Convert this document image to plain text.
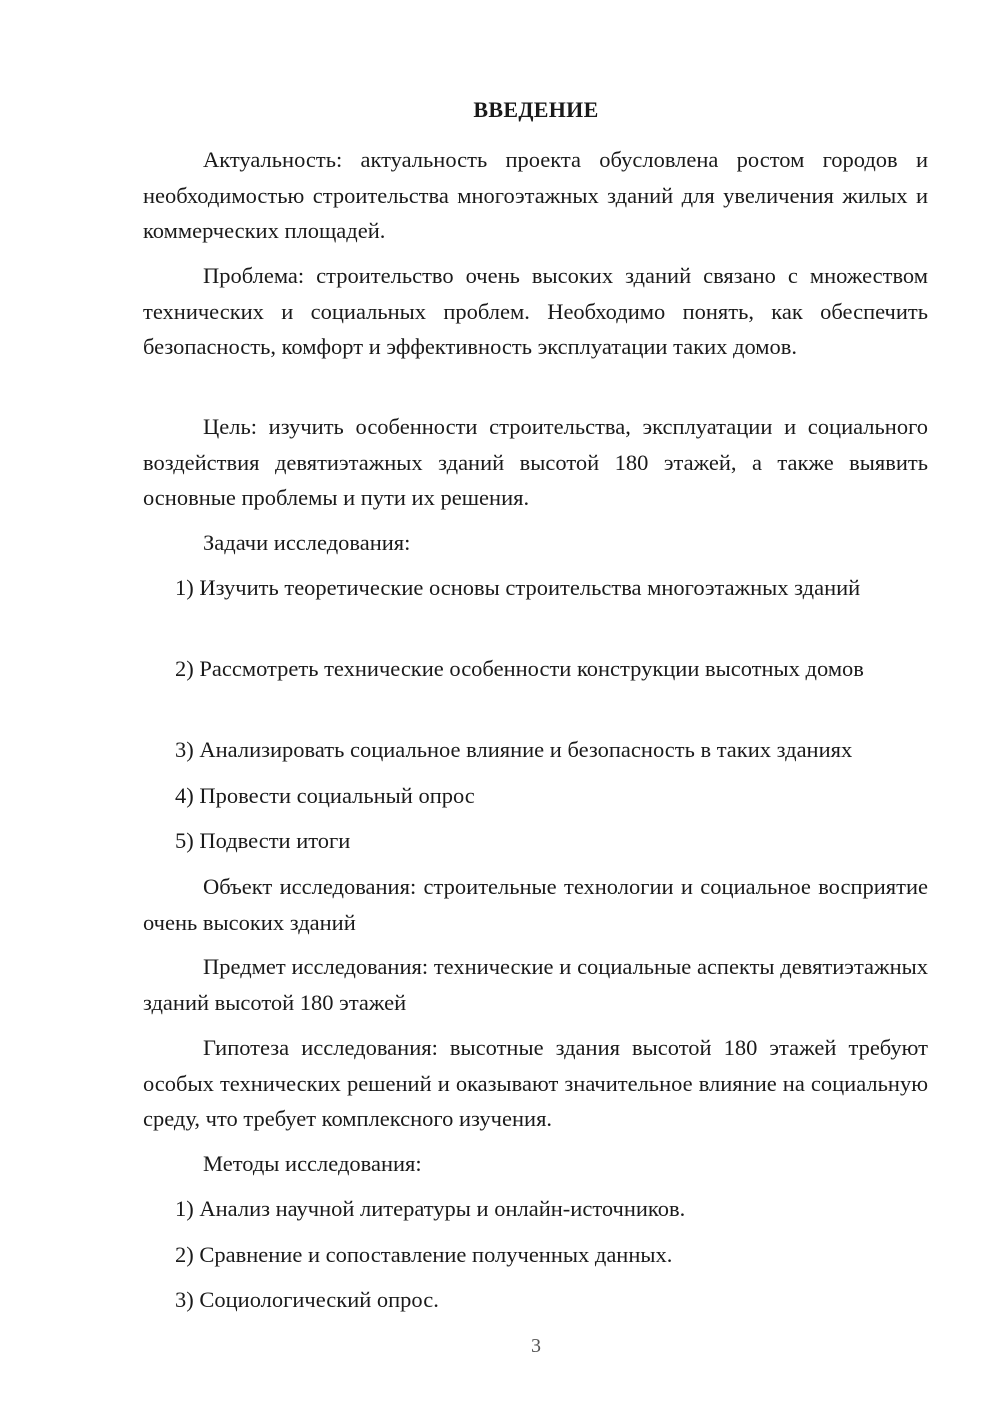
ВВЕДЕНИЕ

Актуальность: актуальность проекта обусловлена ростом городов и необходимостью строительства многоэтажных зданий для увеличения жилых и коммерческих площадей.

Проблема: строительство очень высоких зданий связано с множеством технических и социальных проблем. Необходимо понять, как обеспечить безопасность, комфорт и эффективность эксплуатации таких домов.

Цель: изучить особенности строительства, эксплуатации и социального воздействия девятиэтажных зданий высотой 180 этажей, а также выявить основные проблемы и пути их решения.

Задачи исследования:

1) Изучить теоретические основы строительства многоэтажных зданий

2) Рассмотреть технические особенности конструкции высотных домов

3) Анализировать социальное влияние и безопасность в таких зданиях

4) Провести социальный опрос

5) Подвести итоги

Объект исследования: строительные технологии и социальное восприятие очень высоких зданий

Предмет исследования: технические и социальные аспекты девятиэтажных зданий высотой 180 этажей

Гипотеза исследования: высотные здания высотой 180 этажей требуют особых технических решений и оказывают значительное влияние на социальную среду, что требует комплексного изучения.

Методы исследования:

1) Анализ научной литературы и онлайн-источников.

2) Сравнение и сопоставление полученных данных.

3) Социологический опрос.

3
